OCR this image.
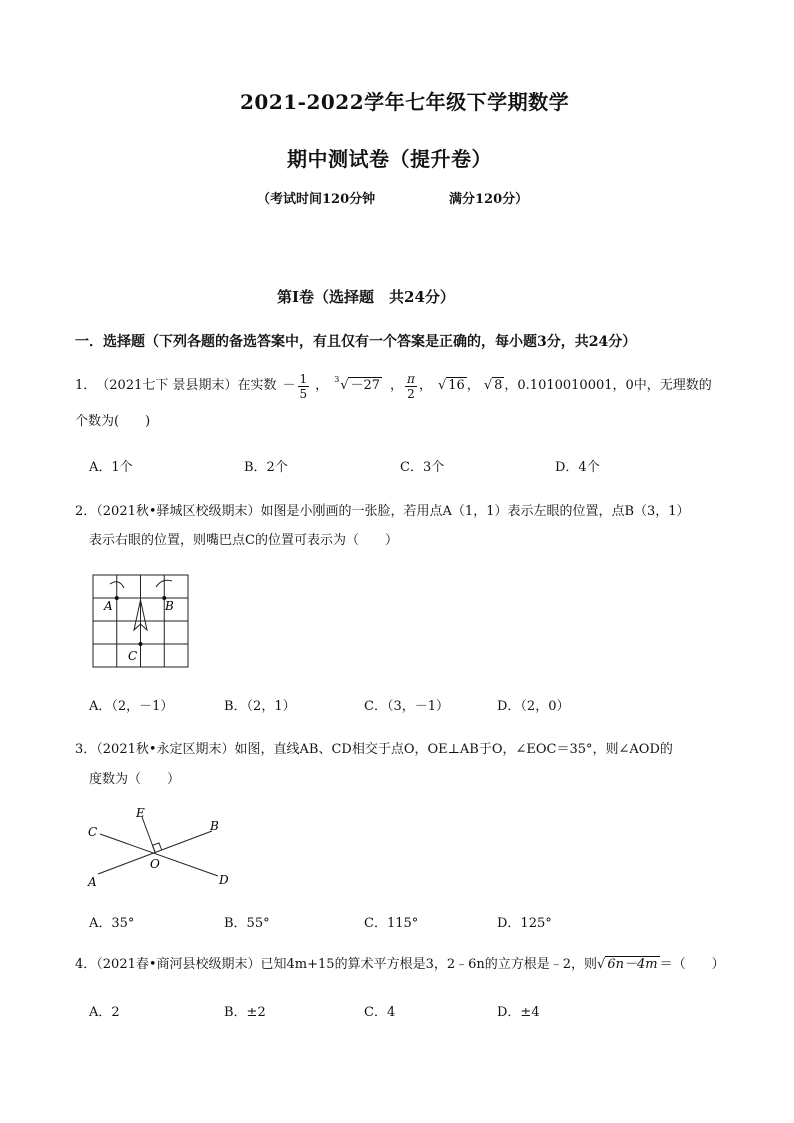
2021-2022学年七年级下学期数学
期中测试卷（提升卷）
（考试时间120分钟	满分120分）
第Ⅰ卷（选择题　共24分）
一．选择题（下列各题的备选答案中，有且仅有一个答案是正确的，每小题3分，共24分）
1． （2021七下 景县期末） 在实数 － $\frac{1}{5}$ ， 3 √ －27 ， $\frac{\pi}{2}$ ， √ 16 ， √ 8 ，0.1010010001，0中，无理数的
个数为(　　)
A．1个	B．2个	C．3个	D．4个
2．（2021秋•驿城区校级期末）如图是小刚画的一张脸，若用点A（1，1）表示左眼的位置，点B（3，1）
表示右眼的位置，则嘴巴点C的位置可表示为（　　）
A	B
C
A．（2，－1）	B．（2，1）	C．（3，－1）	D．（2，0）
3．（2021秋•永定区期末）如图，直线AB、CD相交于点O，OE⊥AB于O，∠EOC＝35°，则∠AOD的
度数为（　　）
A
B
C
D
E
O
A．35°	B．55°	C．115°	D．125°
4．（2021春•商河县校级期末）已知4m+15的算术平方根是3，2﹣6n的立方根是﹣2，则√ 6n－4m ＝（　　）
A．2	B．±2	C．4	D．±4
